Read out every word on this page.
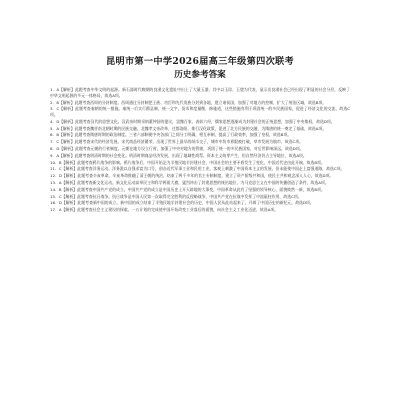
昆明市第一中学2026届高三年级第四次联考
历史参考答案
1．A【解析】此题考查中华文明的起源。新石器时代晚期的良渚文化遗址中出土了大量玉器，其中以玉琮、玉璧为代表，显示出良渚社会已经出现了明显的社会分层，反映了中华文明起源的多元一体格局，故选A项。
2．B【解析】此题考查西周的分封制度。西周通过分封制把王族、功臣和先代贵族分封到各地，建立诸侯国，加强了对地方的控制，扩大了统治区域，故选B项。
3．C【解析】此题考查秦朝的统一措施。秦统一后实行郡县制，统一文字、货币和度量衡，修驰道，这些措施有利于巩固统一的多民族国家，促进了经济文化的交流，故选C项。
4．D【解析】此题考查汉代的思想文化。汉武帝时期采纳董仲舒的建议，罢黜百家，表彰六经，儒家思想逐渐成为封建社会的正统思想，加强了中央集权，故选D项。
5．A【解析】此题考查魏晋南北朝时期的民族交融。北魏孝文帝改革，迁都洛阳，推行汉化政策，促进了北方民族的交融，为隋唐的统一奠定了基础，故选A项。
6．B【解析】此题考查隋唐时期的政治制度。三省六部制使中央各部门之间分工明确，相互牵制，提高了行政效率，加强了皇权，故选B项。
7．C【解析】此题考查宋代的经济发展。宋代商品经济繁荣，出现了世界上最早的纸币交子，城市中坊市界限被打破，草市发展为镇市，故选C项。
8．D【解析】此题考查元朝的行省制度。元朝在地方设立行省，加强了中央对地方的管辖，巩固了统一的多民族国家，对后世影响深远，故选D项。
9．A【解析】此题考查明清时期的社会变化。明清时期商品经济发展，出现了地域性商帮，资本主义萌芽产生，但自然经济仍占主导地位，故选A项。
10．B【解析】此题考查鸦片战争的影响。鸦片战争后，中国开始沦为半殖民地半封建社会，中国社会的主要矛盾发生了变化，中国近代史由此开端，故选B项。
11．C【解析】此题考查洋务运动。洋务派以自强求富为口号，创办近代军事工业和民用工业，客观上刺激了中国资本主义的发展，但未能使中国走上富强道路，故选C项。
12．D【解析】此题考查辛亥革命。辛亥革命推翻了清王朝的统治，结束了两千多年的君主专制制度，建立了资产阶级共和国，使民主共和观念深入人心，故选D项。
13．A【解析】此题考查新文化运动。新文化运动高举民主和科学两面大旗，猛烈冲击了封建思想的统治地位，为马克思主义在中国的传播创造了条件，故选A项。
14．B【解析】此题考查中国共产党的成立。中国共产党的成立是中国历史上开天辟地的大事变，中国革命从此有了坚强的领导核心，面貌焕然一新，故选B项。
15．C【解析】此题考查抗日战争。抗日战争是中国人民第一次取得完全胜利的反侵略战争，中国共产党在抗战中发挥了中流砥柱作用，故选C项。
16．D【解析】此题考查新中国的成立。新中国的成立结束了半殖民地半封建社会的历史，中国人民从此站起来了，开辟了中国历史的新纪元，故选D项。
17．A【解析】此题考查社会主义建设的探索。一五计划的完成使中国开始改变工业落后的面貌，向社会主义工业化迈进，故选A项。
